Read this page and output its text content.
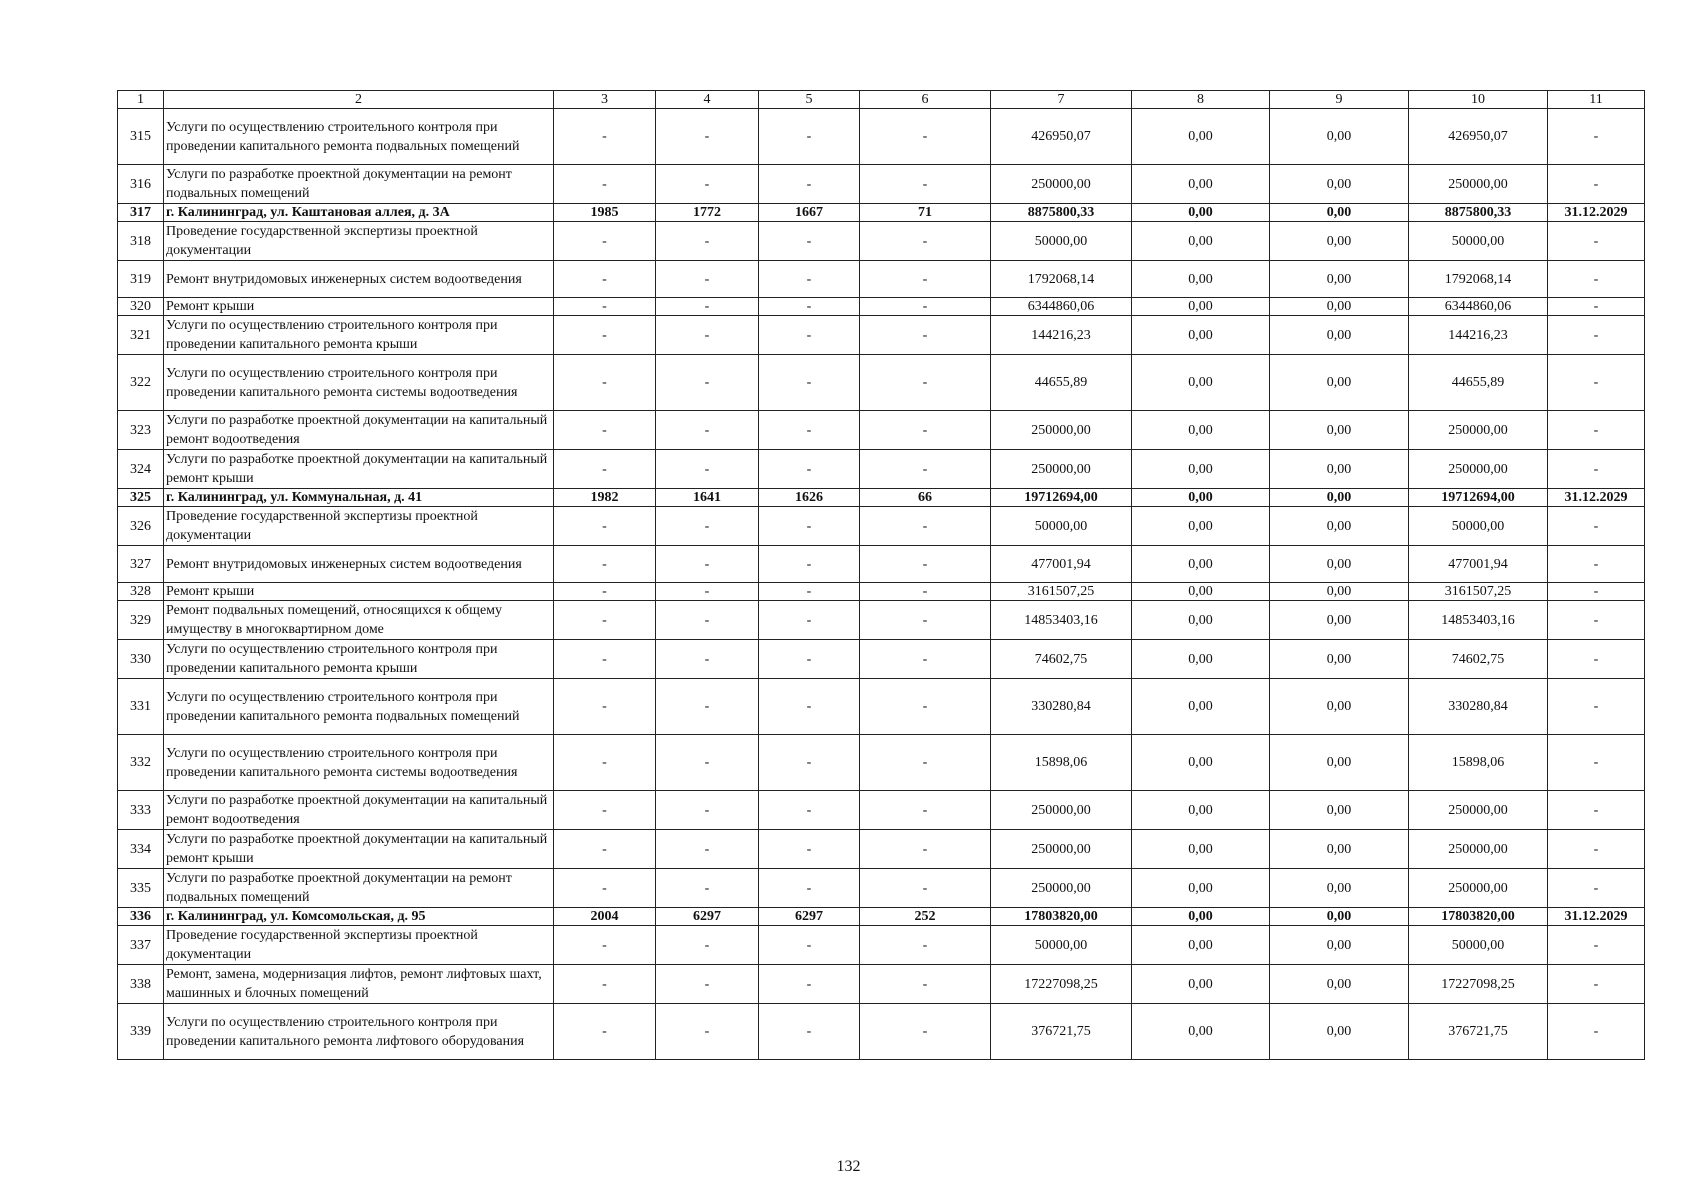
1	2	3	4	5	6	7	8	9	10	11
315	Услуги по осуществлению строительного контроля при проведении капитального ремонта подвальных помещений	-	-	-	-	426950,07	0,00	0,00	426950,07	-
316	Услуги по разработке проектной документации на ремонт подвальных помещений	-	-	-	-	250000,00	0,00	0,00	250000,00	-
317	г. Калининград, ул. Каштановая аллея, д. 3А	1985	1772	1667	71	8875800,33	0,00	0,00	8875800,33	31.12.2029
318	Проведение государственной экспертизы проектной документации	-	-	-	-	50000,00	0,00	0,00	50000,00	-
319	Ремонт внутридомовых инженерных систем водоотведения	-	-	-	-	1792068,14	0,00	0,00	1792068,14	-
320	Ремонт крыши	-	-	-	-	6344860,06	0,00	0,00	6344860,06	-
321	Услуги по осуществлению строительного контроля при проведении капитального ремонта крыши	-	-	-	-	144216,23	0,00	0,00	144216,23	-
322	Услуги по осуществлению строительного контроля при проведении капитального ремонта системы водоотведения	-	-	-	-	44655,89	0,00	0,00	44655,89	-
323	Услуги по разработке проектной документации на капитальный ремонт водоотведения	-	-	-	-	250000,00	0,00	0,00	250000,00	-
324	Услуги по разработке проектной документации на капитальный ремонт крыши	-	-	-	-	250000,00	0,00	0,00	250000,00	-
325	г. Калининград, ул. Коммунальная, д. 41	1982	1641	1626	66	19712694,00	0,00	0,00	19712694,00	31.12.2029
326	Проведение государственной экспертизы проектной документации	-	-	-	-	50000,00	0,00	0,00	50000,00	-
327	Ремонт внутридомовых инженерных систем водоотведения	-	-	-	-	477001,94	0,00	0,00	477001,94	-
328	Ремонт крыши	-	-	-	-	3161507,25	0,00	0,00	3161507,25	-
329	Ремонт подвальных помещений, относящихся к общему имуществу в многоквартирном доме	-	-	-	-	14853403,16	0,00	0,00	14853403,16	-
330	Услуги по осуществлению строительного контроля при проведении капитального ремонта крыши	-	-	-	-	74602,75	0,00	0,00	74602,75	-
331	Услуги по осуществлению строительного контроля при проведении капитального ремонта подвальных помещений	-	-	-	-	330280,84	0,00	0,00	330280,84	-
332	Услуги по осуществлению строительного контроля при проведении капитального ремонта системы водоотведения	-	-	-	-	15898,06	0,00	0,00	15898,06	-
333	Услуги по разработке проектной документации на капитальный ремонт водоотведения	-	-	-	-	250000,00	0,00	0,00	250000,00	-
334	Услуги по разработке проектной документации на капитальный ремонт крыши	-	-	-	-	250000,00	0,00	0,00	250000,00	-
335	Услуги по разработке проектной документации на ремонт подвальных помещений	-	-	-	-	250000,00	0,00	0,00	250000,00	-
336	г. Калининград, ул. Комсомольская, д. 95	2004	6297	6297	252	17803820,00	0,00	0,00	17803820,00	31.12.2029
337	Проведение государственной экспертизы проектной документации	-	-	-	-	50000,00	0,00	0,00	50000,00	-
338	Ремонт, замена, модернизация лифтов, ремонт лифтовых шахт, машинных и блочных помещений	-	-	-	-	17227098,25	0,00	0,00	17227098,25	-
339	Услуги по осуществлению строительного контроля при проведении капитального ремонта лифтового оборудования	-	-	-	-	376721,75	0,00	0,00	376721,75	-
132
